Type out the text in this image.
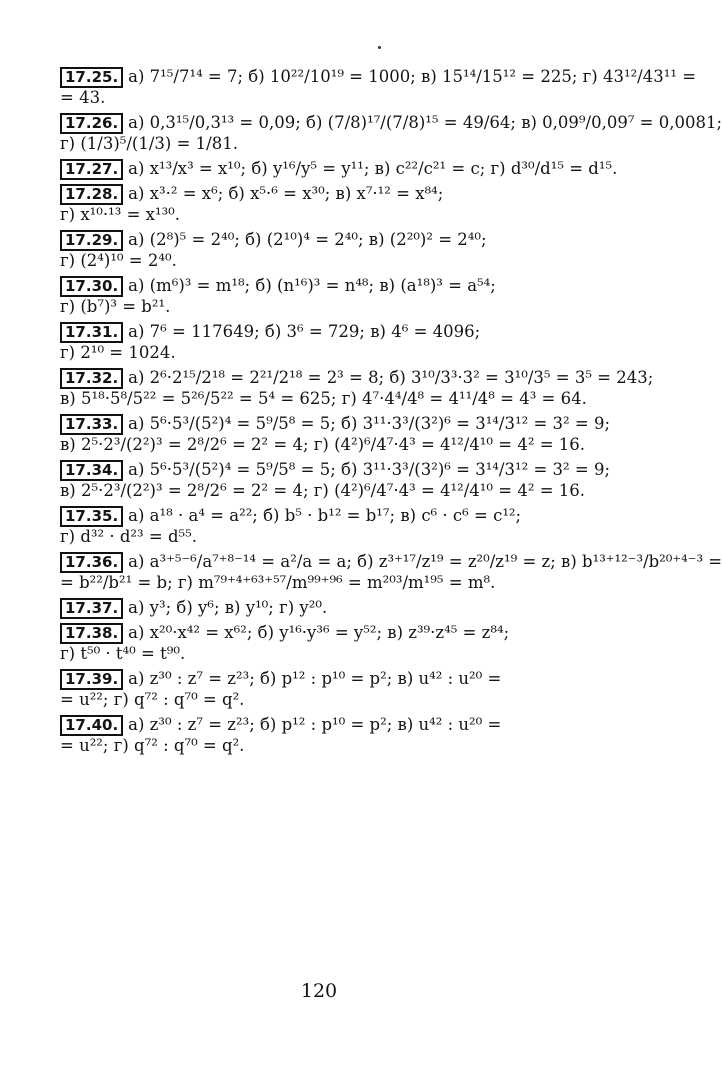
17.25. а) 7¹⁵/7¹⁴ = 7; б) 10²²/10¹⁹ = 1000; в) 15¹⁴/15¹² = 225; г) 43¹²/43¹¹ =
= 43.
17.26. а) 0,3¹⁵/0,3¹³ = 0,09; б) (7/8)¹⁷/(7/8)¹⁵ = 49/64; в) 0,09⁹/0,09⁷ = 0,0081;
г) (1/3)⁵/(1/3) = 1/81.
17.27. а) x¹³/x³ = x¹⁰; б) y¹⁶/y⁵ = y¹¹; в) c²²/c²¹ = c; г) d³⁰/d¹⁵ = d¹⁵.
17.28. а) x³·² = x⁶; б) x⁵·⁶ = x³⁰; в) x⁷·¹² = x⁸⁴;
г) x¹⁰·¹³ = x¹³⁰.
17.29. а) (2⁸)⁵ = 2⁴⁰; б) (2¹⁰)⁴ = 2⁴⁰; в) (2²⁰)² = 2⁴⁰;
г) (2⁴)¹⁰ = 2⁴⁰.
17.30. а) (m⁶)³ = m¹⁸; б) (n¹⁶)³ = n⁴⁸; в) (a¹⁸)³ = a⁵⁴;
г) (b⁷)³ = b²¹.
17.31. а) 7⁶ = 117649; б) 3⁶ = 729; в) 4⁶ = 4096;
г) 2¹⁰ = 1024.
17.32. а) 2⁶·2¹⁵/2¹⁸ = 2²¹/2¹⁸ = 2³ = 8; б) 3¹⁰/3³·3² = 3¹⁰/3⁵ = 3⁵ = 243;
в) 5¹⁸·5⁸/5²² = 5²⁶/5²² = 5⁴ = 625; г) 4⁷·4⁴/4⁸ = 4¹¹/4⁸ = 4³ = 64.
17.33. а) 5⁶·5³/(5²)⁴ = 5⁹/5⁸ = 5; б) 3¹¹·3³/(3²)⁶ = 3¹⁴/3¹² = 3² = 9;
в) 2⁵·2³/(2²)³ = 2⁸/2⁶ = 2² = 4; г) (4²)⁶/4⁷·4³ = 4¹²/4¹⁰ = 4² = 16.
17.34. а) 5⁶·5³/(5²)⁴ = 5⁹/5⁸ = 5; б) 3¹¹·3³/(3²)⁶ = 3¹⁴/3¹² = 3² = 9;
в) 2⁵·2³/(2²)³ = 2⁸/2⁶ = 2² = 4; г) (4²)⁶/4⁷·4³ = 4¹²/4¹⁰ = 4² = 16.
17.35. а) a¹⁸ · a⁴ = a²²; б) b⁵ · b¹² = b¹⁷; в) c⁶ · c⁶ = c¹²;
г) d³² · d²³ = d⁵⁵.
17.36. а) a³⁺⁵⁻⁶/a⁷⁺⁸⁻¹⁴ = a²/a = a; б) z³⁺¹⁷/z¹⁹ = z²⁰/z¹⁹ = z; в) b¹³⁺¹²⁻³/b²⁰⁺⁴⁻³ =
= b²²/b²¹ = b; г) m⁷⁹⁺⁴⁺⁶³⁺⁵⁷/m⁹⁹⁺⁹⁶ = m²⁰³/m¹⁹⁵ = m⁸.
17.37. а) y³; б) y⁶; в) y¹⁰; г) y²⁰.
17.38. а) x²⁰·x⁴² = x⁶²; б) y¹⁶·y³⁶ = y⁵²; в) z³⁹·z⁴⁵ = z⁸⁴;
г) t⁵⁰ · t⁴⁰ = t⁹⁰.
17.39. а) z³⁰ : z⁷ = z²³; б) p¹² : p¹⁰ = p²; в) u⁴² : u²⁰ =
= u²²; г) q⁷² : q⁷⁰ = q².
17.40. а) z³⁰ : z⁷ = z²³; б) p¹² : p¹⁰ = p²; в) u⁴² : u²⁰ =
= u²²; г) q⁷² : q⁷⁰ = q².
120
